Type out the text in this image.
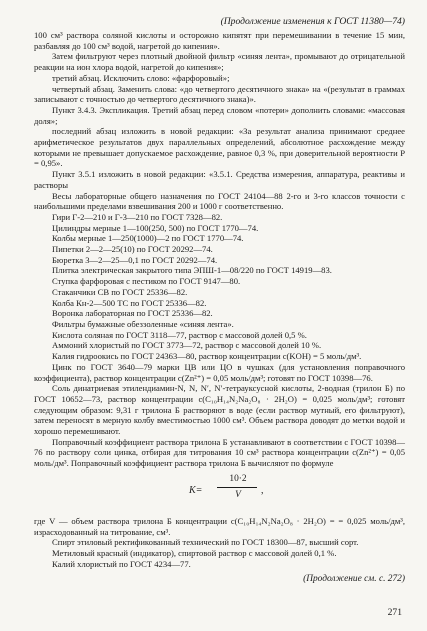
(Продолжение изменения к ГОСТ 11380—74)

100 см³ раствора соляной кислоты и осторожно кипятят при перемешивании в течение 15 мин, разбавляя до 100 см³ водой, нагретой до кипения».

Затем фильтруют через плотный двойной фильтр «синяя лента», промывают до отрицательной реакции на ион хлора водой, нагретой до кипения»;

третий абзац. Исключить слово: «фарфоровый»;

четвертый абзац. Заменить слова: «до четвертого десятичного знака» на «(результат в граммах записывают с точностью до четвертого десятичного знака)».

Пункт 3.4.3. Экспликация. Третий абзац перед словом «потери» дополнить словами: «массовая доля»;

последний абзац изложить в новой редакции: «За результат анализа принимают среднее арифметическое результатов двух параллельных определений, абсолютное расхождение между которыми не превышает допускаемое расхождение, равное 0,3 %, при доверительной вероятности P = 0,95».

Пункт 3.5.1 изложить в новой редакции: «3.5.1. Средства измерения, аппаратура, реактивы и растворы

Весы лабораторные общего назначения по ГОСТ 24104—88 2-го и 3-го классов точности с наибольшими пределами взвешивания 200 и 1000 г соответственно.

Гири Г-2—210 и Г-3—210 по ГОСТ 7328—82.

Цилиндры мерные 1—100(250, 500) по ГОСТ 1770—74.

Колбы мерные 1—250(1000)—2 по ГОСТ 1770—74.

Пипетки 2—2—25(10) по ГОСТ 20292—74.

Бюретка 3—2—25—0,1 по ГОСТ 20292—74.

Плитка электрическая закрытого типа ЭПШ-1—08/220 по ГОСТ 14919—83.

Ступка фарфоровая с пестиком по ГОСТ 9147—80.

Стаканчики СВ по ГОСТ 25336—82.

Колба Кн-2—500 ТС по ГОСТ 25336—82.

Воронка лабораторная по ГОСТ 25336—82.

Фильтры бумажные обеззоленные «синяя лента».

Кислота соляная по ГОСТ 3118—77, раствор с массовой долей 0,5 %.

Аммоний хлористый по ГОСТ 3773—72, раствор с массовой долей 10 %.

Калия гидроокись по ГОСТ 24363—80, раствор концентрации c(KOH) = 5 моль/дм³.

Цинк по ГОСТ 3640—79 марки ЦВ или ЦО в чушках (для установления поправочного коэффициента), раствор концентрации c(Zn²⁺) = 0,05 моль/дм³; готовят по ГОСТ 10398—76.

Соль динатриевая этилендиамин-N, N, N′, N′-тетрауксусной кислоты, 2-водная (трилон Б) по ГОСТ 10652—73, раствор концентрации c(C₁₀H₁₄N₂Na₂O₈ · 2H₂O) = 0,025 моль/дм³; готовят следующим образом: 9,31 г трилона Б растворяют в воде (если раствор мутный, его фильтруют), затем переносят в мерную колбу вместимостью 1000 см³. Объем раствора доводят до метки водой и хорошо перемешивают.

Поправочный коэффициент раствора трилона Б устанавливают в соответствии с ГОСТ 10398—76 по раствору соли цинка, отбирая для титрования 10 см³ раствора концентрации c(Zn²⁺) = 0,05 моль/дм³. Поправочный коэффициент раствора трилона Б вычисляют по формуле

K=
10·2
V	,

где V — объем раствора трилона Б концентрации c(C₁₀H₁₄N₂Na₂O₈ · 2H₂O) = = 0,025 моль/дм³, израсходованный на титрование, см³.

Спирт этиловый ректификованный технический по ГОСТ 18300—87, высший сорт.

Метиловый красный (индикатор), спиртовой раствор с массовой долей 0,1 %.

Калий хлористый по ГОСТ 4234—77.

(Продолжение см. с. 272)
271
